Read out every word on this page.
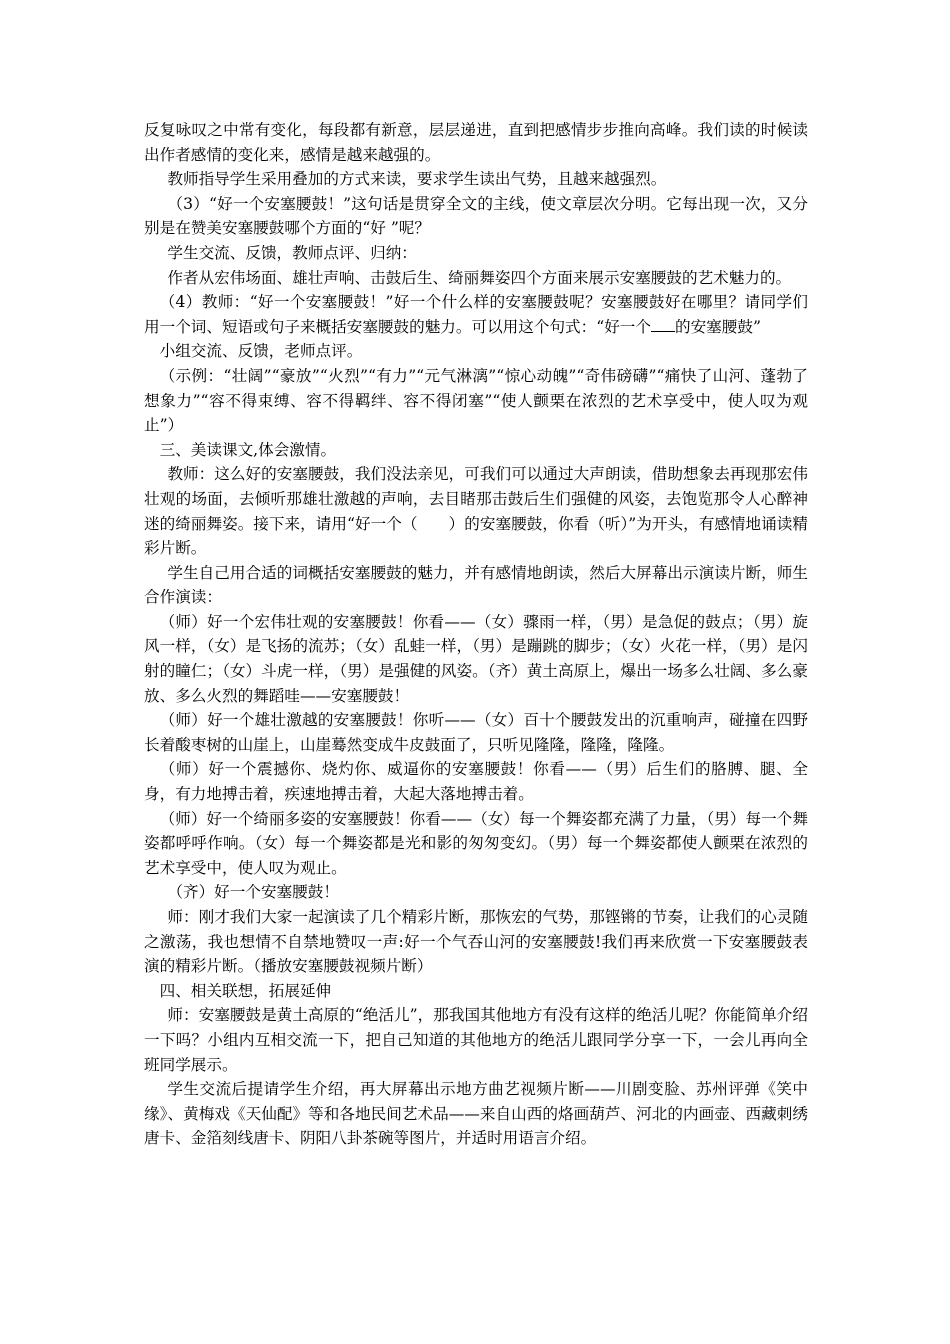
反复咏叹之中常有变化，每段都有新意，层层递进，直到把感情步步推向高峰。我们读的时候读出作者感情的变化来，感情是越来越强的。

教师指导学生采用叠加的方式来读，要求学生读出气势，且越来越强烈。

（3）“好一个安塞腰鼓！”这句话是贯穿全文的主线，使文章层次分明。它每出现一次，又分别是在赞美安塞腰鼓哪个方面的“好 ”呢？

学生交流、反馈，教师点评、归纳：

作者从宏伟场面、雄壮声响、击鼓后生、绮丽舞姿四个方面来展示安塞腰鼓的艺术魅力的。

（4）教师：“好一个安塞腰鼓！”好一个什么样的安塞腰鼓呢？安塞腰鼓好在哪里？请同学们用一个词、短语或句子来概括安塞腰鼓的魅力。可以用这个句式：“好一个 的安塞腰鼓”

小组交流、反馈，老师点评。

（示例：“壮阔”“豪放”“火烈”“有力”“元气淋漓”“惊心动魄”“奇伟磅礴”“痛快了山河、蓬勃了想象力”“容不得束缚、容不得羁绊、容不得闭塞”“使人颤栗在浓烈的艺术享受中，使人叹为观止”）

三、美读课文,体会激情。

教师：这么好的安塞腰鼓，我们没法亲见，可我们可以通过大声朗读，借助想象去再现那宏伟壮观的场面，去倾听那雄壮激越的声响，去目睹那击鼓后生们强健的风姿，去饱览那令人心醉神迷的绮丽舞姿。接下来，请用“好一个（　　）的安塞腰鼓，你看（听）”为开头，有感情地诵读精彩片断。

学生自己用合适的词概括安塞腰鼓的魅力，并有感情地朗读，然后大屏幕出示演读片断，师生合作演读：

（师）好一个宏伟壮观的安塞腰鼓！你看——（女）骤雨一样，（男）是急促的鼓点；（男）旋风一样，（女）是飞扬的流苏；（女）乱蛙一样，（男）是蹦跳的脚步；（女）火花一样，（男）是闪射的瞳仁；（女）斗虎一样，（男）是强健的风姿。（齐）黄土高原上，爆出一场多么壮阔、多么豪放、多么火烈的舞蹈哇——安塞腰鼓！

（师）好一个雄壮激越的安塞腰鼓！你听——（女）百十个腰鼓发出的沉重响声，碰撞在四野长着酸枣树的山崖上，山崖蓦然变成牛皮鼓面了，只听见隆隆，隆隆，隆隆。

（师）好一个震撼你、烧灼你、威逼你的安塞腰鼓！你看——（男）后生们的胳膊、腿、全身，有力地搏击着，疾速地搏击着，大起大落地搏击着。

（师）好一个绮丽多姿的安塞腰鼓！你看——（女）每一个舞姿都充满了力量，（男）每一个舞姿都呼呼作响。（女）每一个舞姿都是光和影的匆匆变幻。（男）每一个舞姿都使人颤栗在浓烈的艺术享受中，使人叹为观止。

（齐）好一个安塞腰鼓！

师：刚才我们大家一起演读了几个精彩片断，那恢宏的气势，那铿锵的节奏，让我们的心灵随之激荡，我也想情不自禁地赞叹一声:好一个气吞山河的安塞腰鼓!我们再来欣赏一下安塞腰鼓表演的精彩片断。（播放安塞腰鼓视频片断）

四、相关联想，拓展延伸

师：安塞腰鼓是黄土高原的“绝活儿”，那我国其他地方有没有这样的绝活儿呢？你能简单介绍一下吗？小组内互相交流一下，把自己知道的其他地方的绝活儿跟同学分享一下，一会儿再向全班同学展示。

学生交流后提请学生介绍，再大屏幕出示地方曲艺视频片断——川剧变脸、苏州评弹《笑中缘》、黄梅戏《天仙配》等和各地民间艺术品——来自山西的烙画葫芦、河北的内画壶、西藏刺绣唐卡、金箔刻线唐卡、阴阳八卦茶碗等图片，并适时用语言介绍。
